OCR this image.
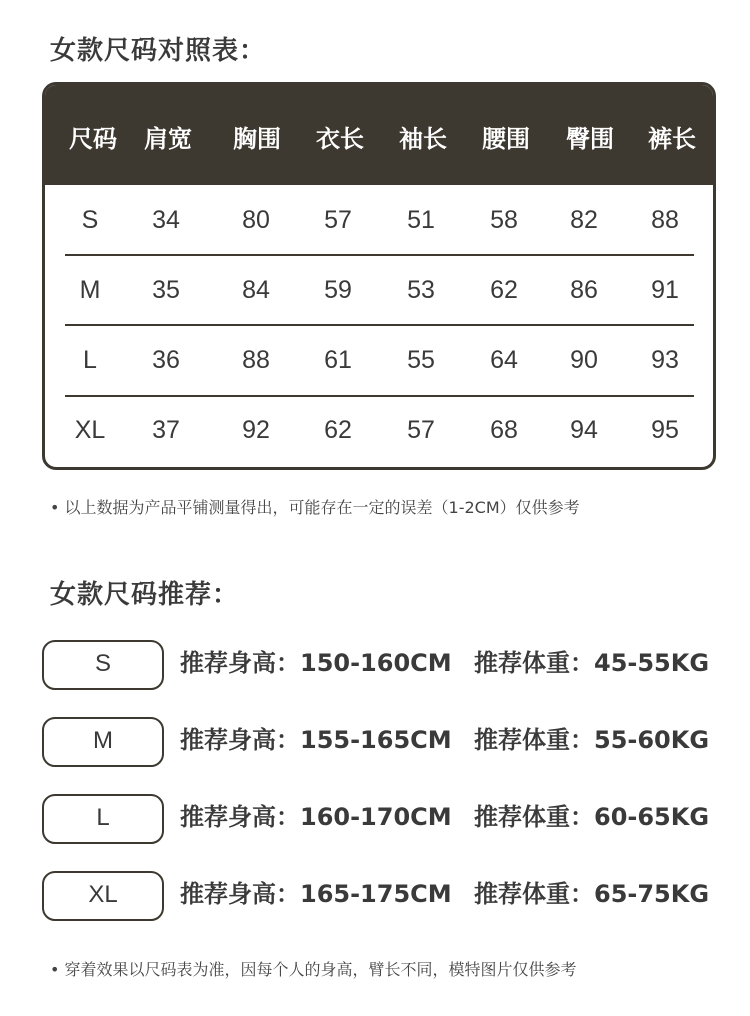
女款尺码对照表：
尺码 肩宽 胸围 衣长 袖长 腰围 臀围 裤长
S 34 80 57 51 58 82 88
M 35 84 59 53 62 86 91
L 36 88 61 55 64 90 93
XL 37 92 62 57 68 94 95
• 以上数据为产品平铺测量得出，可能存在一定的误差（1-2CM）仅供参考
女款尺码推荐：
S	推荐身高：150-160CM 推荐体重：45-55KG
M	推荐身高：155-165CM 推荐体重：55-60KG
L	推荐身高：160-170CM 推荐体重：60-65KG
XL	推荐身高：165-175CM 推荐体重：65-75KG
• 穿着效果以尺码表为准，因每个人的身高，臂长不同，模特图片仅供参考
